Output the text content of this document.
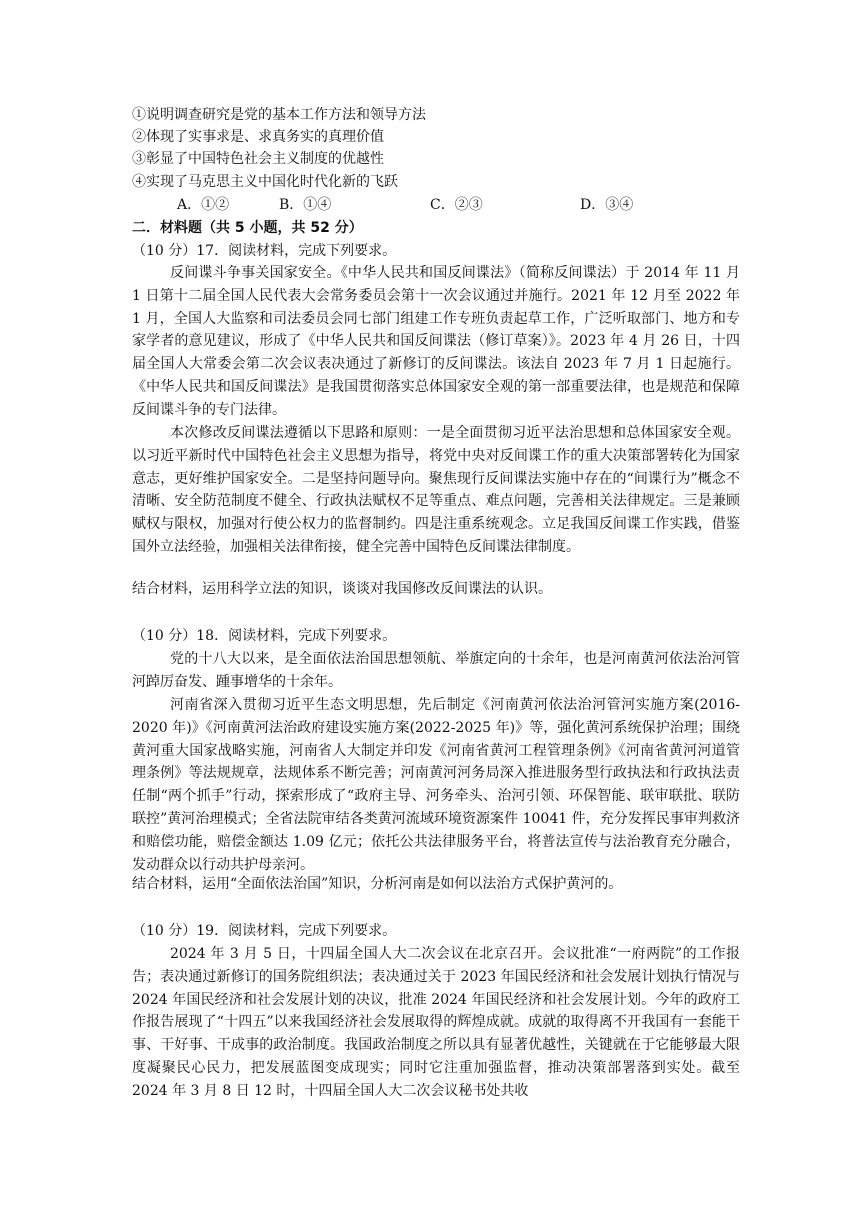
①说明调查研究是党的基本工作方法和领导方法
②体现了实事求是、求真务实的真理价值
③彰显了中国特色社会主义制度的优越性
④实现了马克思主义中国化时代化新的飞跃
A．①②	B．①④	C．②③	D．③④
二．材料题（共 5 小题，共 52 分）
（10 分）17．阅读材料，完成下列要求。
反间谍斗争事关国家安全。《中华人民共和国反间谍法》（简称反间谍法）于 2014 年 11 月 1 日第十二届全国人民代表大会常务委员会第十一次会议通过并施行。2021 年 12 月至 2022 年 1 月，全国人大监察和司法委员会同七部门组建工作专班负责起草工作，广泛听取部门、地方和专家学者的意见建议，形成了《中华人民共和国反间谍法（修订草案）》。2023 年 4 月 26 日，十四届全国人大常委会第二次会议表决通过了新修订的反间谍法。该法自 2023 年 7 月 1 日起施行。《中华人民共和国反间谍法》是我国贯彻落实总体国家安全观的第一部重要法律，也是规范和保障反间谍斗争的专门法律。
本次修改反间谍法遵循以下思路和原则：一是全面贯彻习近平法治思想和总体国家安全观。以习近平新时代中国特色社会主义思想为指导，将党中央对反间谍工作的重大决策部署转化为国家意志，更好维护国家安全。二是坚持问题导向。聚焦现行反间谍法实施中存在的“间谍行为”概念不清晰、安全防范制度不健全、行政执法赋权不足等重点、难点问题，完善相关法律规定。三是兼顾赋权与限权，加强对行使公权力的监督制约。四是注重系统观念。立足我国反间谍工作实践，借鉴国外立法经验，加强相关法律衔接，健全完善中国特色反间谍法律制度。
结合材料，运用科学立法的知识，谈谈对我国修改反间谍法的认识。
（10 分）18．阅读材料，完成下列要求。
党的十八大以来，是全面依法治国思想领航、举旗定向的十余年，也是河南黄河依法治河管河踔厉奋发、踵事增华的十余年。
河南省深入贯彻习近平生态文明思想，先后制定《河南黄河依法治河管河实施方案(2016-2020 年)》《河南黄河法治政府建设实施方案(2022-2025 年)》等，强化黄河系统保护治理；围绕黄河重大国家战略实施，河南省人大制定并印发《河南省黄河工程管理条例》《河南省黄河河道管理条例》等法规规章，法规体系不断完善；河南黄河河务局深入推进服务型行政执法和行政执法责任制“两个抓手”行动，探索形成了“政府主导、河务牵头、治河引领、环保智能、联审联批、联防联控”黄河治理模式；全省法院审结各类黄河流域环境资源案件 10041 件，充分发挥民事审判救济和赔偿功能，赔偿金额达 1.09 亿元；依托公共法律服务平台，将普法宣传与法治教育充分融合，发动群众以行动共护母亲河。
结合材料，运用“全面依法治国”知识，分析河南是如何以法治方式保护黄河的。
（10 分）19．阅读材料，完成下列要求。
2024 年 3 月 5 日，十四届全国人大二次会议在北京召开。会议批准“一府两院”的工作报告；表决通过新修订的国务院组织法；表决通过关于 2023 年国民经济和社会发展计划执行情况与 2024 年国民经济和社会发展计划的决议，批准 2024 年国民经济和社会发展计划。今年的政府工作报告展现了“十四五”以来我国经济社会发展取得的辉煌成就。成就的取得离不开我国有一套能干事、干好事、干成事的政治制度。我国政治制度之所以具有显著优越性，关键就在于它能够最大限度凝聚民心民力，把发展蓝图变成现实；同时它注重加强监督，推动决策部署落到实处。截至 2024 年 3 月 8 日 12 时，十四届全国人大二次会议秘书处共收
